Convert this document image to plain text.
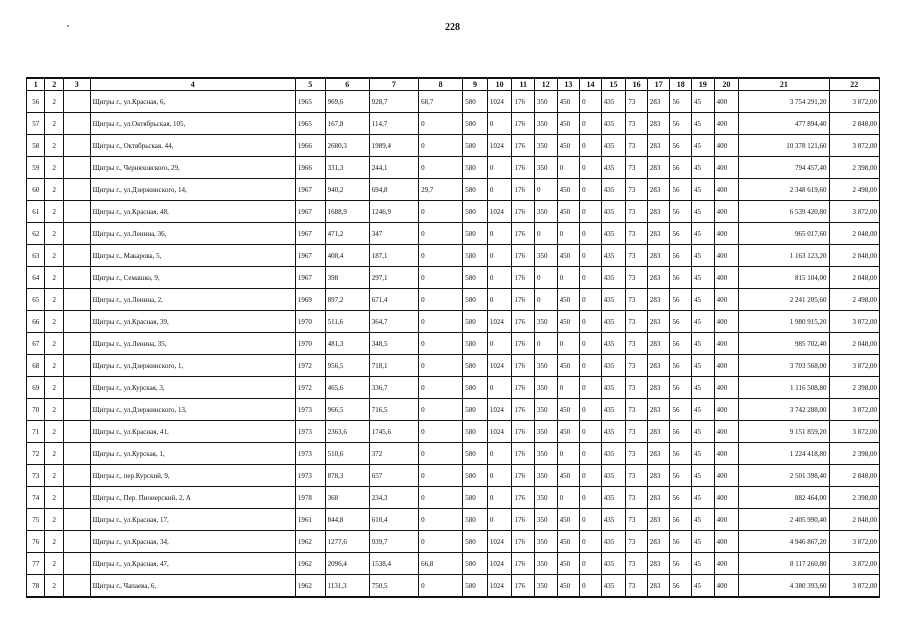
228
1	2	3	4	5	6	7	8	9	10	11	12	13	14	15	16	17	18	19	20	21	22
56	2		Щигры г., ул.Красная, 6,	1965	969,6	928,7	68,7	580	1024	176	350	450	0	435	73	283	56	45	400	3 754 291,20	3 872,00
57	2		Щигры г., ул.Октябрьская, 105,	1965	167,8	114,7	0	580	0	176	350	450	0	435	73	283	56	45	400	477 894,40	2 848,00
58	2		Щигры г., Октябрьская, 44,	1966	2680,3	1989,4	0	580	1024	176	350	450	0	435	73	283	56	45	400	10 378 121,60	3 872,00
59	2		Щигры г., Черняховского, 29,	1966	331,3	244,1	0	580	0	176	350	0	0	435	73	283	56	45	400	794 457,40	2 398,00
60	2		Щигры г., ул.Дзержинского, 14,	1967	940,2	694,8	29,7	580	0	176	0	450	0	435	73	283	56	45	400	2 348 619,60	2 498,00
61	2		Щигры г., ул.Красная, 48,	1967	1688,9	1246,9	0	580	1024	176	350	450	0	435	73	283	56	45	400	6 539 420,80	3 872,00
62	2		Щигры г., ул.Ленина, 36,	1967	471,2	347	0	580	0	176	0	0	0	435	73	283	56	45	400	965 017,60	2 048,00
63	2		Щигры г., Макарова, 5,	1967	408,4	187,1	0	580	0	176	350	450	0	435	73	283	56	45	400	1 163 123,20	2 848,00
64	2		Щигры г., Семашко, 9,	1967	398	297,1	0	580	0	176	0	0	0	435	73	283	56	45	400	815 104,00	2 048,00
65	2		Щигры г., ул.Ленина, 2,	1969	897,2	671,4	0	580	0	176	0	450	0	435	73	283	56	45	400	2 241 205,60	2 498,00
66	2		Щигры г., ул.Красная, 39,	1970	511,6	364,7	0	580	1024	176	350	450	0	435	73	283	56	45	400	1 980 915,20	3 872,00
67	2		Щигры г., ул.Ленина, 35,	1970	481,3	348,5	0	580	0	176	0	0	0	435	73	283	56	45	400	985 702,40	2 048,00
68	2		Щигры г., ул.Дзержинского, 1,	1972	956,5	718,1	0	580	1024	176	350	450	0	435	73	283	56	45	400	3 703 568,00	3 872,00
69	2		Щигры г., ул.Курская, 3,	1972	465,6	336,7	0	580	0	176	350	0	0	435	73	283	56	45	400	1 116 508,80	2 398,00
70	2		Щигры г., ул.Дзержинского, 13,	1973	966,5	716,5	0	580	1024	176	350	450	0	435	73	283	56	45	400	3 742 288,00	3 872,00
71	2		Щигры г., ул.Красная, 41,	1973	2363,6	1745,6	0	580	1024	176	350	450	0	435	73	283	56	45	400	9 151 859,20	3 872,00
72	2		Щигры г., ул.Курская, 1,	1973	510,6	372	0	580	0	176	350	0	0	435	73	283	56	45	400	1 224 418,80	2 398,00
73	2		Щигры г., пер.Курский, 9,	1973	878,3	657	0	580	0	176	350	450	0	435	73	283	56	45	400	2 501 398,40	2 848,00
74	2		Щигры г., Пер. Пионерский, 2, А	1978	368	234,3	0	580	0	176	350	0	0	435	73	283	56	45	400	882 464,00	2 398,00
75	2		Щигры г., ул.Красная, 17,	1961	844,8	610,4	0	580	0	176	350	450	0	435	73	283	56	45	400	2 405 990,40	2 848,00
76	2		Щигры г., ул.Красная, 34,	1962	1277,6	939,7	0	580	1024	176	350	450	0	435	73	283	56	45	400	4 946 867,20	3 872,00
77	2		Щигры г., ул.Красная, 47,	1962	2096,4	1538,4	66,8	580	1024	176	350	450	0	435	73	283	56	45	400	8 117 260,80	3 872,00
78	2		Щигры г., Чапаева, 6,	1962	1131,3	750,5	0	580	1024	176	350	450	0	435	73	283	56	45	400	4 380 393,60	3 872,00
